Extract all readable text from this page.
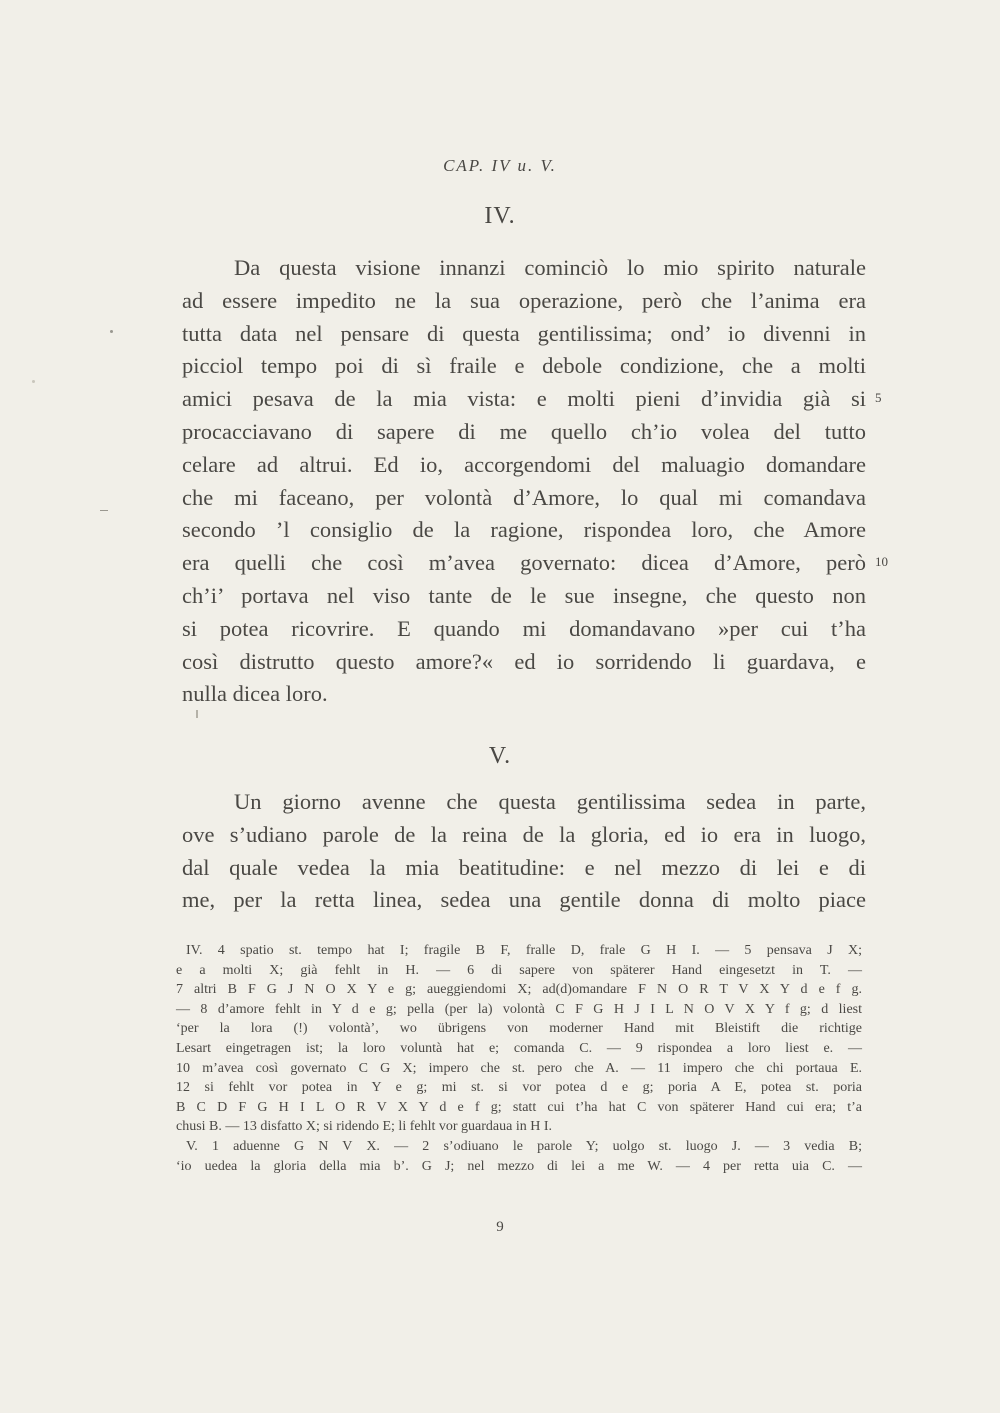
CAP. IV u. V.
IV.
Da questa visione innanzi cominciò lo mio spirito naturale
ad essere impedito ne la sua operazione, però che l’anima era
tutta data nel pensare di questa gentilissima; ond’ io divenni in
picciol tempo poi di sì fraile e debole condizione, che a molti
amici pesava de la mia vista: e molti pieni d’invidia già si
procacciavano di sapere di me quello ch’io volea del tutto
celare ad altrui. Ed io, accorgendomi del maluagio domandare
che mi faceano, per volontà d’Amore, lo qual mi comandava
secondo ’l consiglio de la ragione, rispondea loro, che Amore
era quelli che così m’avea governato: dicea d’Amore, però
ch’i’ portava nel viso tante de le sue insegne, che questo non
si potea ricovrire. E quando mi domandavano »per cui t’ha
così distrutto questo amore?« ed io sorridendo li guardava, e
nulla dicea loro.
5
10
V.
Un giorno avenne che questa gentilissima sedea in parte,
ove s’udiano parole de la reina de la gloria, ed io era in luogo,
dal quale vedea la mia beatitudine: e nel mezzo di lei e di
me, per la retta linea, sedea una gentile donna di molto piace
IV. 4 spatio st. tempo hat I; fragile B F, fralle D, frale G H I. — 5 pensava J X;
e a molti X; già fehlt in H. — 6 di sapere von späterer Hand eingesetzt in T. —
7 altri B F G J N O X Y e g; aueggiendomi X; ad(d)omandare F N O R T V X Y d e f g.
— 8 d’amore fehlt in Y d e g; pella (per la) volontà C F G H J I L N O V X Y f g; d liest
‘per la lora (!) volontà’, wo übrigens von moderner Hand mit Bleistift die richtige
Lesart eingetragen ist; la loro voluntà hat e; comanda C. — 9 rispondea a loro liest e. —
10 m’avea così governato C G X; impero che st. pero che A. — 11 impero che chi portaua E.
12 si fehlt vor potea in Y e g; mi st. si vor potea d e g; poria A E, potea st. poria
B C D F G H I L O R V X Y d e f g; statt cui t’ha hat C von späterer Hand cui era; t’a
chusi B. — 13 disfatto X; si ridendo E; li fehlt vor guardaua in H I.
V. 1 aduenne G N V X. — 2 s’odiuano le parole Y; uolgo st. luogo J. — 3 vedia B;
‘io uedea la gloria della mia b’. G J; nel mezzo di lei a me W. — 4 per retta uia C. —
9
